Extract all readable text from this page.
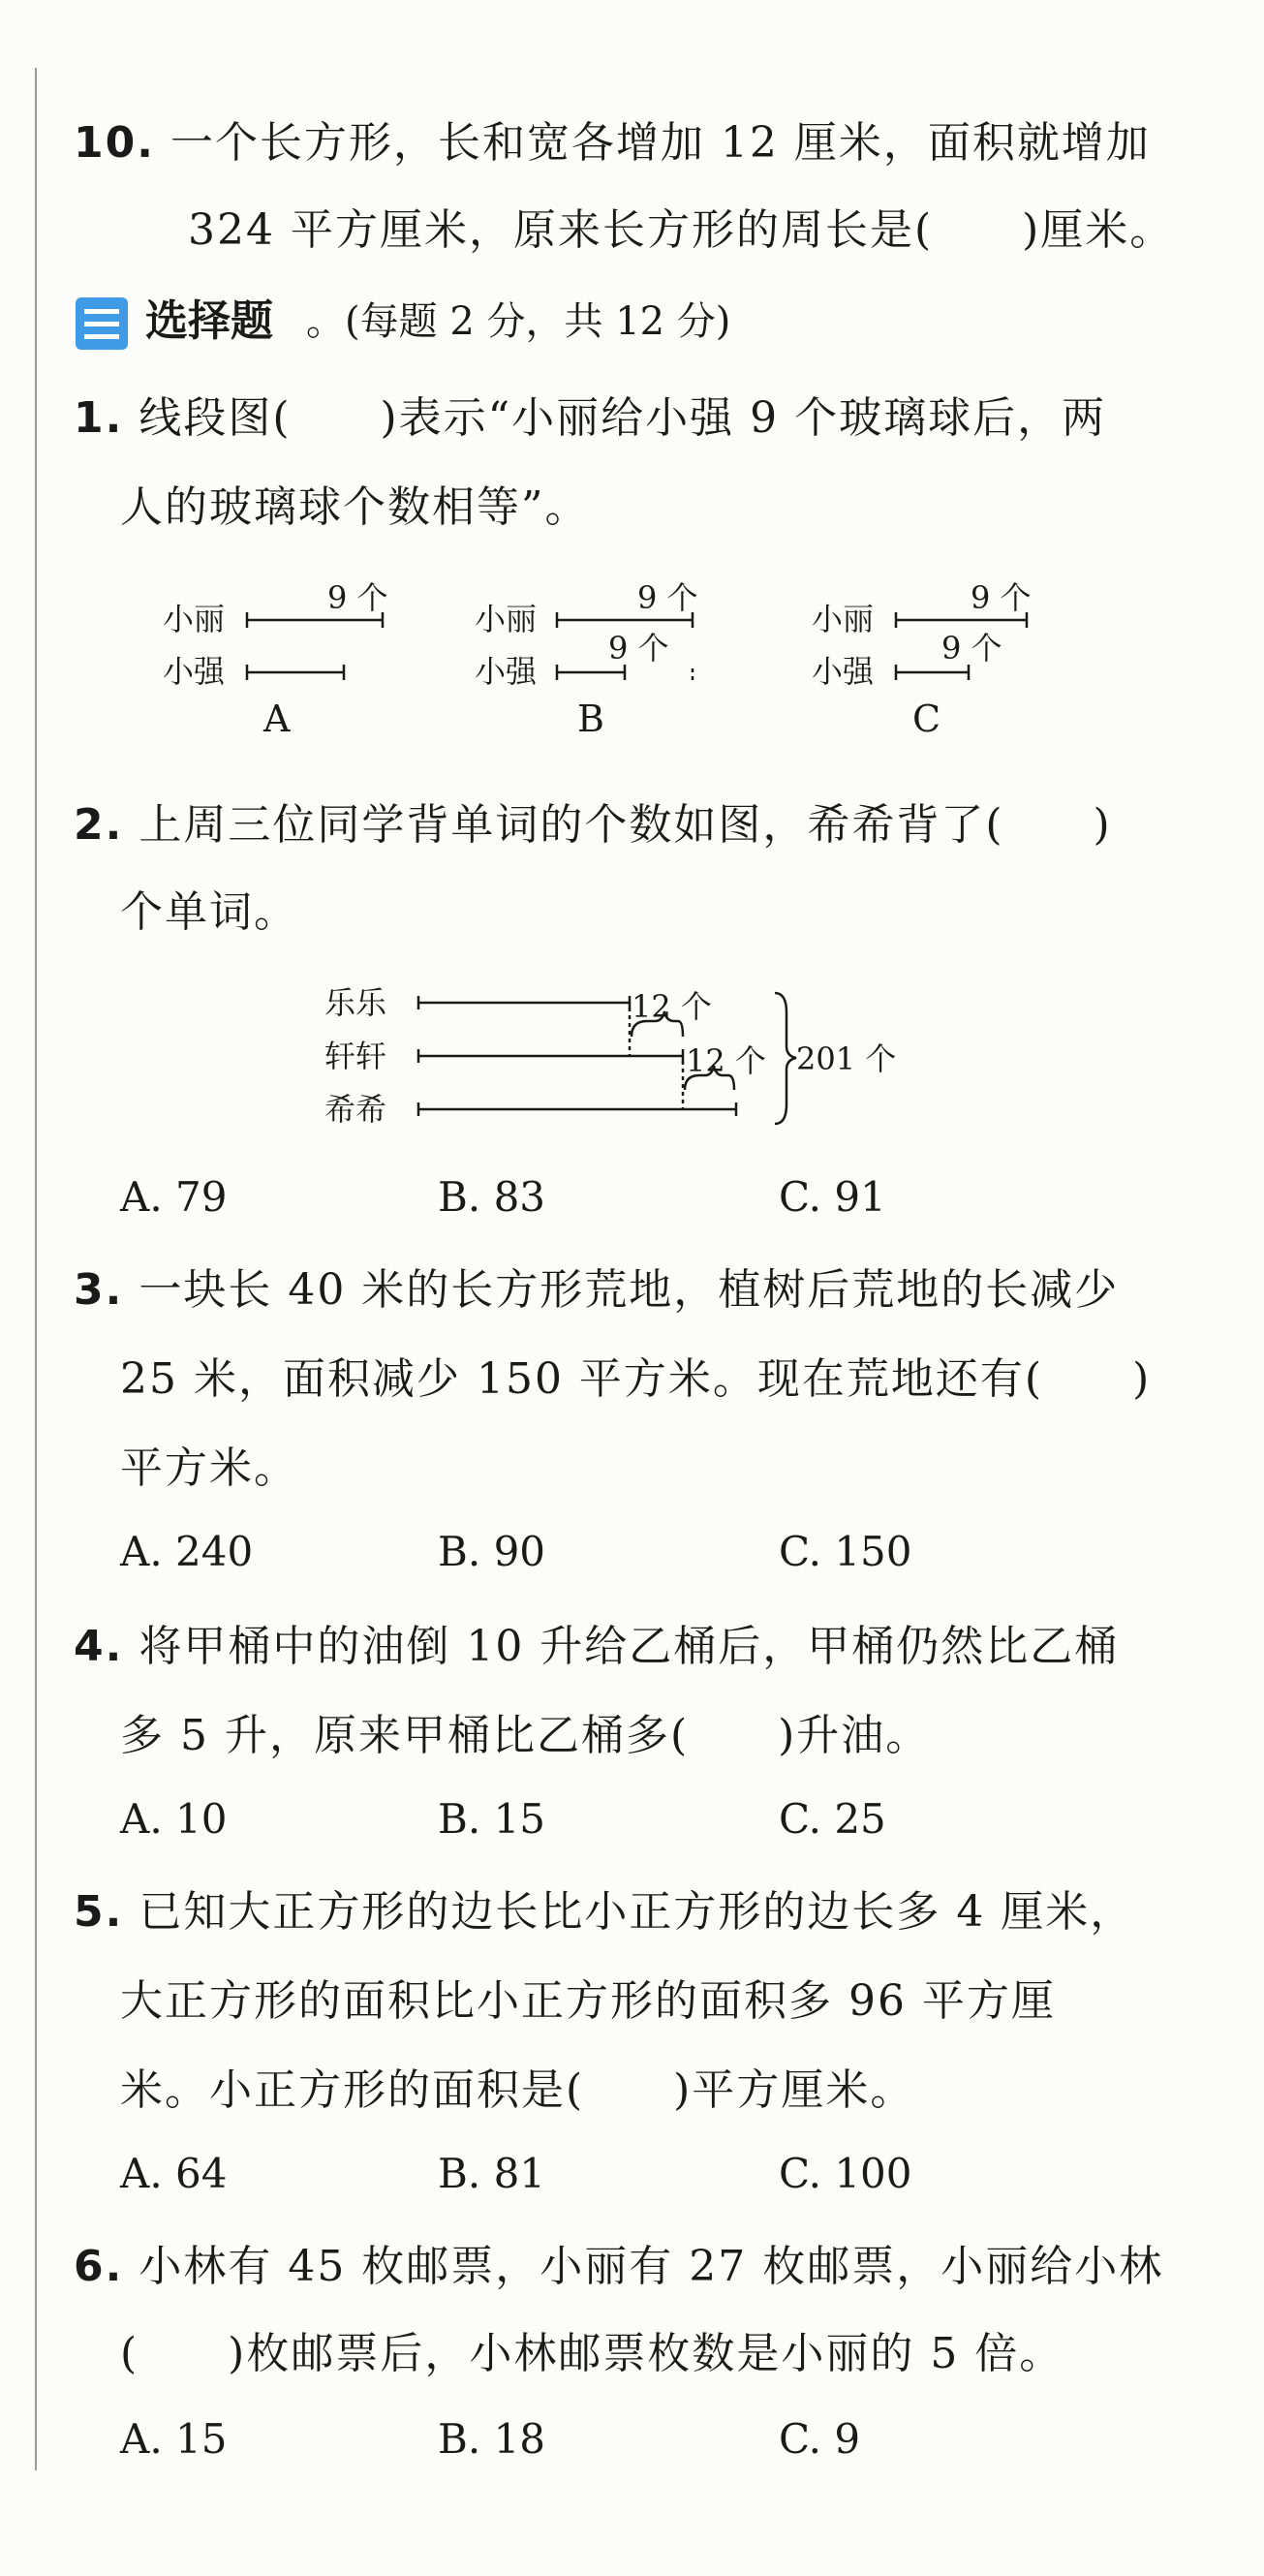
10. 一个长方形，长和宽各增加 12 厘米，面积就增加
324 平方厘米，原来长方形的周长是(　　)厘米。
选择题 。(每题 2 分，共 12 分)
1. 线段图(　　)表示“小丽给小强 9 个玻璃球后，两
人的玻璃球个数相等”。
小丽
小强
9 个
小丽
小强
9 个
9 个
小丽
小强
9 个
9 个
A	B	C
2. 上周三位同学背单词的个数如图，希希背了(　　)
个单词。
乐乐
轩轩
希希
12 个
12 个 201 个
A. 79	B. 83	C. 91
3. 一块长 40 米的长方形荒地，植树后荒地的长减少
25 米，面积减少 150 平方米。现在荒地还有(　　)
平方米。
A. 240	B. 90	C. 150
4. 将甲桶中的油倒 10 升给乙桶后，甲桶仍然比乙桶
多 5 升，原来甲桶比乙桶多(　　)升油。
A. 10	B. 15	C. 25
5. 已知大正方形的边长比小正方形的边长多 4 厘米，
大正方形的面积比小正方形的面积多 96 平方厘
米。小正方形的面积是(　　)平方厘米。
A. 64	B. 81	C. 100
6. 小林有 45 枚邮票，小丽有 27 枚邮票，小丽给小林
(　　)枚邮票后，小林邮票枚数是小丽的 5 倍。
A. 15	B. 18	C. 9
